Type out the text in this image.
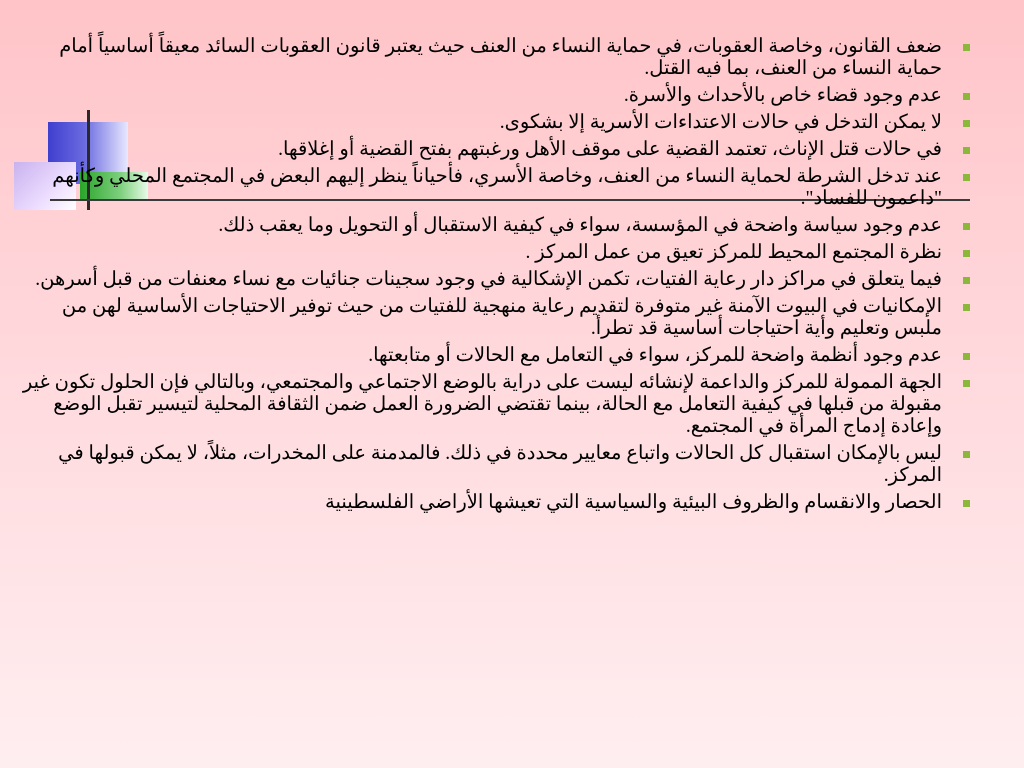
ضعف القانون، وخاصة العقوبات، في حماية النساء من العنف حيث يعتبر قانون العقوبات السائد معيقاً أساسياً أمام حماية النساء من العنف، بما فيه القتل.
عدم وجود قضاء خاص بالأحداث والأسرة.
لا يمكن التدخل في حالات الاعتداءات الأسرية إلا بشكوى.
في حالات قتل الإناث، تعتمد القضية على موقف الأهل ورغبتهم بفتح القضية أو إغلاقها.
عند تدخل الشرطة لحماية النساء من العنف، وخاصة الأسري، فأحياناً ينظر إليهم البعض في المجتمع المحلي وكأنهم "داعمون للفساد".
عدم وجود سياسة واضحة في المؤسسة، سواء في كيفية الاستقبال أو التحويل وما يعقب ذلك.
نظرة المجتمع المحيط للمركز تعيق من عمل المركز .
فيما يتعلق في مراكز دار رعاية الفتيات، تكمن الإشكالية في وجود سجينات جنائيات مع نساء معنفات من قبل أسرهن.
الإمكانيات في البيوت الآمنة غير متوفرة لتقديم رعاية منهجية للفتيات من حيث توفير الاحتياجات الأساسية لهن من ملبس وتعليم وأية احتياجات أساسية قد تطرأ.
عدم وجود أنظمة واضحة للمركز، سواء في التعامل مع الحالات أو متابعتها.
الجهة الممولة للمركز والداعمة لإنشائه ليست على دراية بالوضع الاجتماعي والمجتمعي، وبالتالي فإن الحلول تكون غير مقبولة من قبلها في كيفية التعامل مع الحالة، بينما تقتضي الضرورة العمل ضمن الثقافة المحلية لتيسير تقبل الوضع وإعادة إدماج المرأة في المجتمع.
ليس بالإمكان استقبال كل الحالات واتباع معايير محددة في ذلك. فالمدمنة على المخدرات، مثلاً، لا يمكن قبولها في المركز.
الحصار والانقسام والظروف البيئية والسياسية التي تعيشها الأراضي الفلسطينية
